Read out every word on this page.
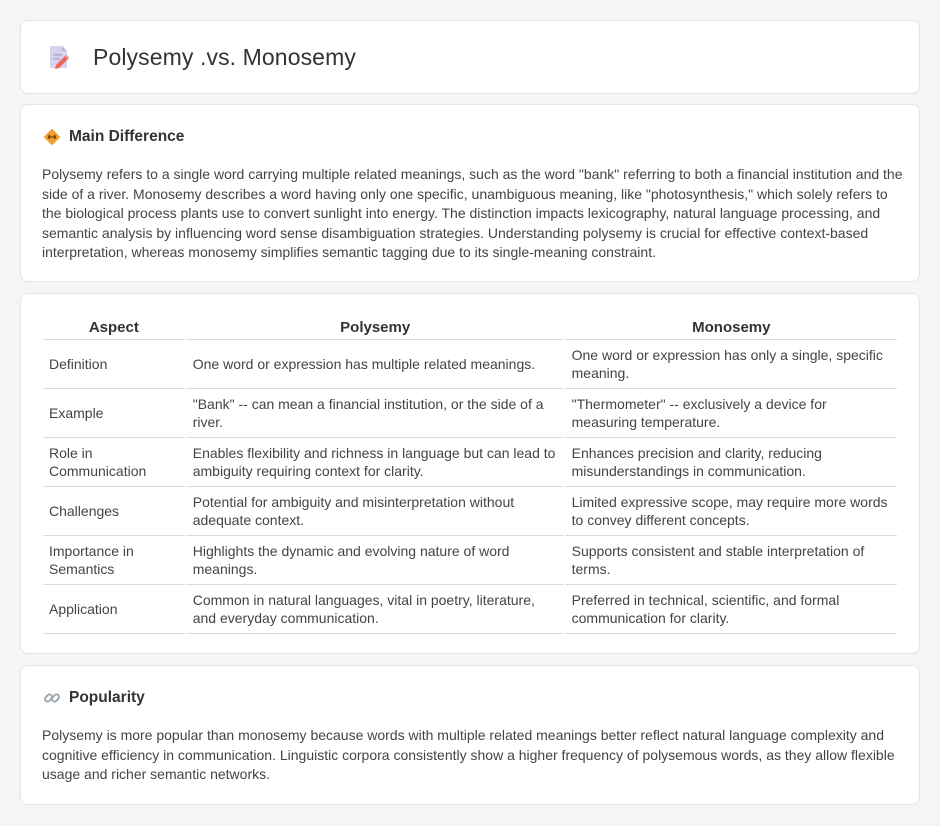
Polysemy .vs. Monosemy
Main Difference

Polysemy refers to a single word carrying multiple related meanings, such as the word "bank" referring to both a financial institution and the side of a river. Monosemy describes a word having only one specific, unambiguous meaning, like "photosynthesis," which solely refers to the biological process plants use to convert sunlight into energy. The distinction impacts lexicography, natural language processing, and semantic analysis by influencing word sense disambiguation strategies. Understanding polysemy is crucial for effective context-based interpretation, whereas monosemy simplifies semantic tagging due to its single-meaning constraint.

Aspect	Polysemy	Monosemy
Definition	One word or expression has multiple related meanings.	One word or expression has only a single, specific meaning.
Example	"Bank" -- can mean a financial institution, or the side of a river.	"Thermometer" -- exclusively a device for measuring temperature.
Role in Communication	Enables flexibility and richness in language but can lead to ambiguity requiring context for clarity.	Enhances precision and clarity, reducing misunderstandings in communication.
Challenges	Potential for ambiguity and misinterpretation without adequate context.	Limited expressive scope, may require more words to convey different concepts.
Importance in Semantics	Highlights the dynamic and evolving nature of word meanings.	Supports consistent and stable interpretation of terms.
Application	Common in natural languages, vital in poetry, literature, and everyday communication.	Preferred in technical, scientific, and formal communication for clarity.
Popularity

Polysemy is more popular than monosemy because words with multiple related meanings better reflect natural language complexity and cognitive efficiency in communication. Linguistic corpora consistently show a higher frequency of polysemous words, as they allow flexible usage and richer semantic networks.
